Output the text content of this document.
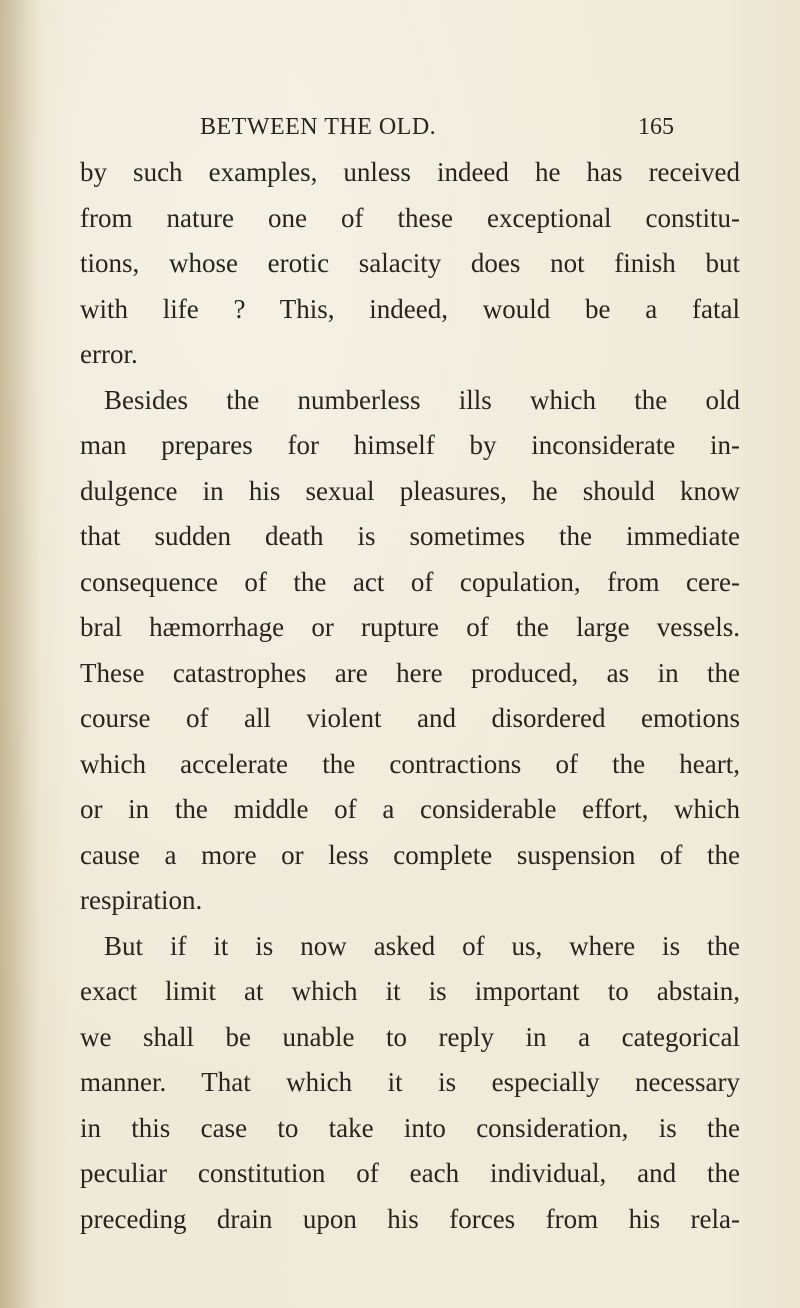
BETWEEN THE OLD.	165
by such examples, unless indeed he has received
from nature one of these exceptional constitu-
tions, whose erotic salacity does not finish but
with life ? This, indeed, would be a fatal
error.
Besides the numberless ills which the old
man prepares for himself by inconsiderate in-
dulgence in his sexual pleasures, he should know
that sudden death is sometimes the immediate
consequence of the act of copulation, from cere-
bral hæmorrhage or rupture of the large vessels.
These catastrophes are here produced, as in the
course of all violent and disordered emotions
which accelerate the contractions of the heart,
or in the middle of a considerable effort, which
cause a more or less complete suspension of the
respiration.
But if it is now asked of us, where is the
exact limit at which it is important to abstain,
we shall be unable to reply in a categorical
manner. That which it is especially necessary
in this case to take into consideration, is the
peculiar constitution of each individual, and the
preceding drain upon his forces from his rela-
